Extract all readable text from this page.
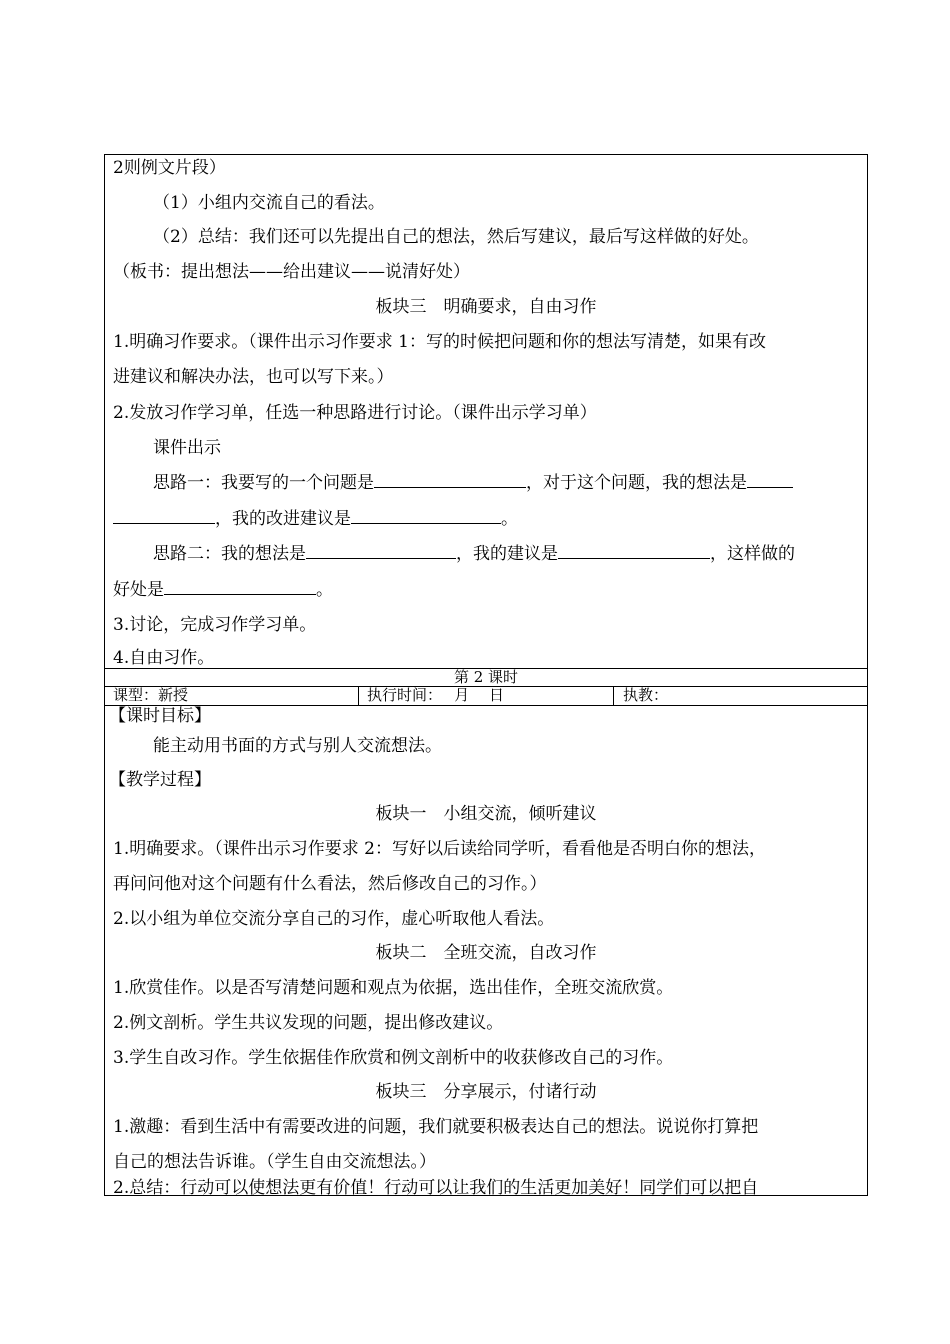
2则例文片段）
（1）小组内交流自己的看法。
（2）总结：我们还可以先提出自己的想法，然后写建议，最后写这样做的好处。
（板书：提出想法——给出建议——说清好处）
板块三　明确要求，自由习作
1.明确习作要求。（课件出示习作要求 1：写的时候把问题和你的想法写清楚，如果有改
进建议和解决办法，也可以写下来。）
2.发放习作学习单，任选一种思路进行讨论。（课件出示学习单）
课件出示
思路一：我要写的一个问题是	，对于这个问题，我的想法是
，我的改进建议是	。
思路二：我的想法是	，我的建议是	，这样做的
好处是	。
3.讨论，完成习作学习单。
4.自由习作。
第 2 课时
课型：新授	执行时间：　 月　 日	执教：
【课时目标】
能主动用书面的方式与别人交流想法。
【教学过程】
板块一　小组交流，倾听建议
1.明确要求。（课件出示习作要求 2：写好以后读给同学听，看看他是否明白你的想法，
再问问他对这个问题有什么看法，然后修改自己的习作。）
2.以小组为单位交流分享自己的习作，虚心听取他人看法。
板块二　全班交流，自改习作
1.欣赏佳作。以是否写清楚问题和观点为依据，选出佳作，全班交流欣赏。
2.例文剖析。学生共议发现的问题，提出修改建议。
3.学生自改习作。学生依据佳作欣赏和例文剖析中的收获修改自己的习作。
板块三　分享展示，付诸行动
1.激趣：看到生活中有需要改进的问题，我们就要积极表达自己的想法。说说你打算把
自己的想法告诉谁。（学生自由交流想法。）
2.总结：行动可以使想法更有价值！行动可以让我们的生活更加美好！同学们可以把自
